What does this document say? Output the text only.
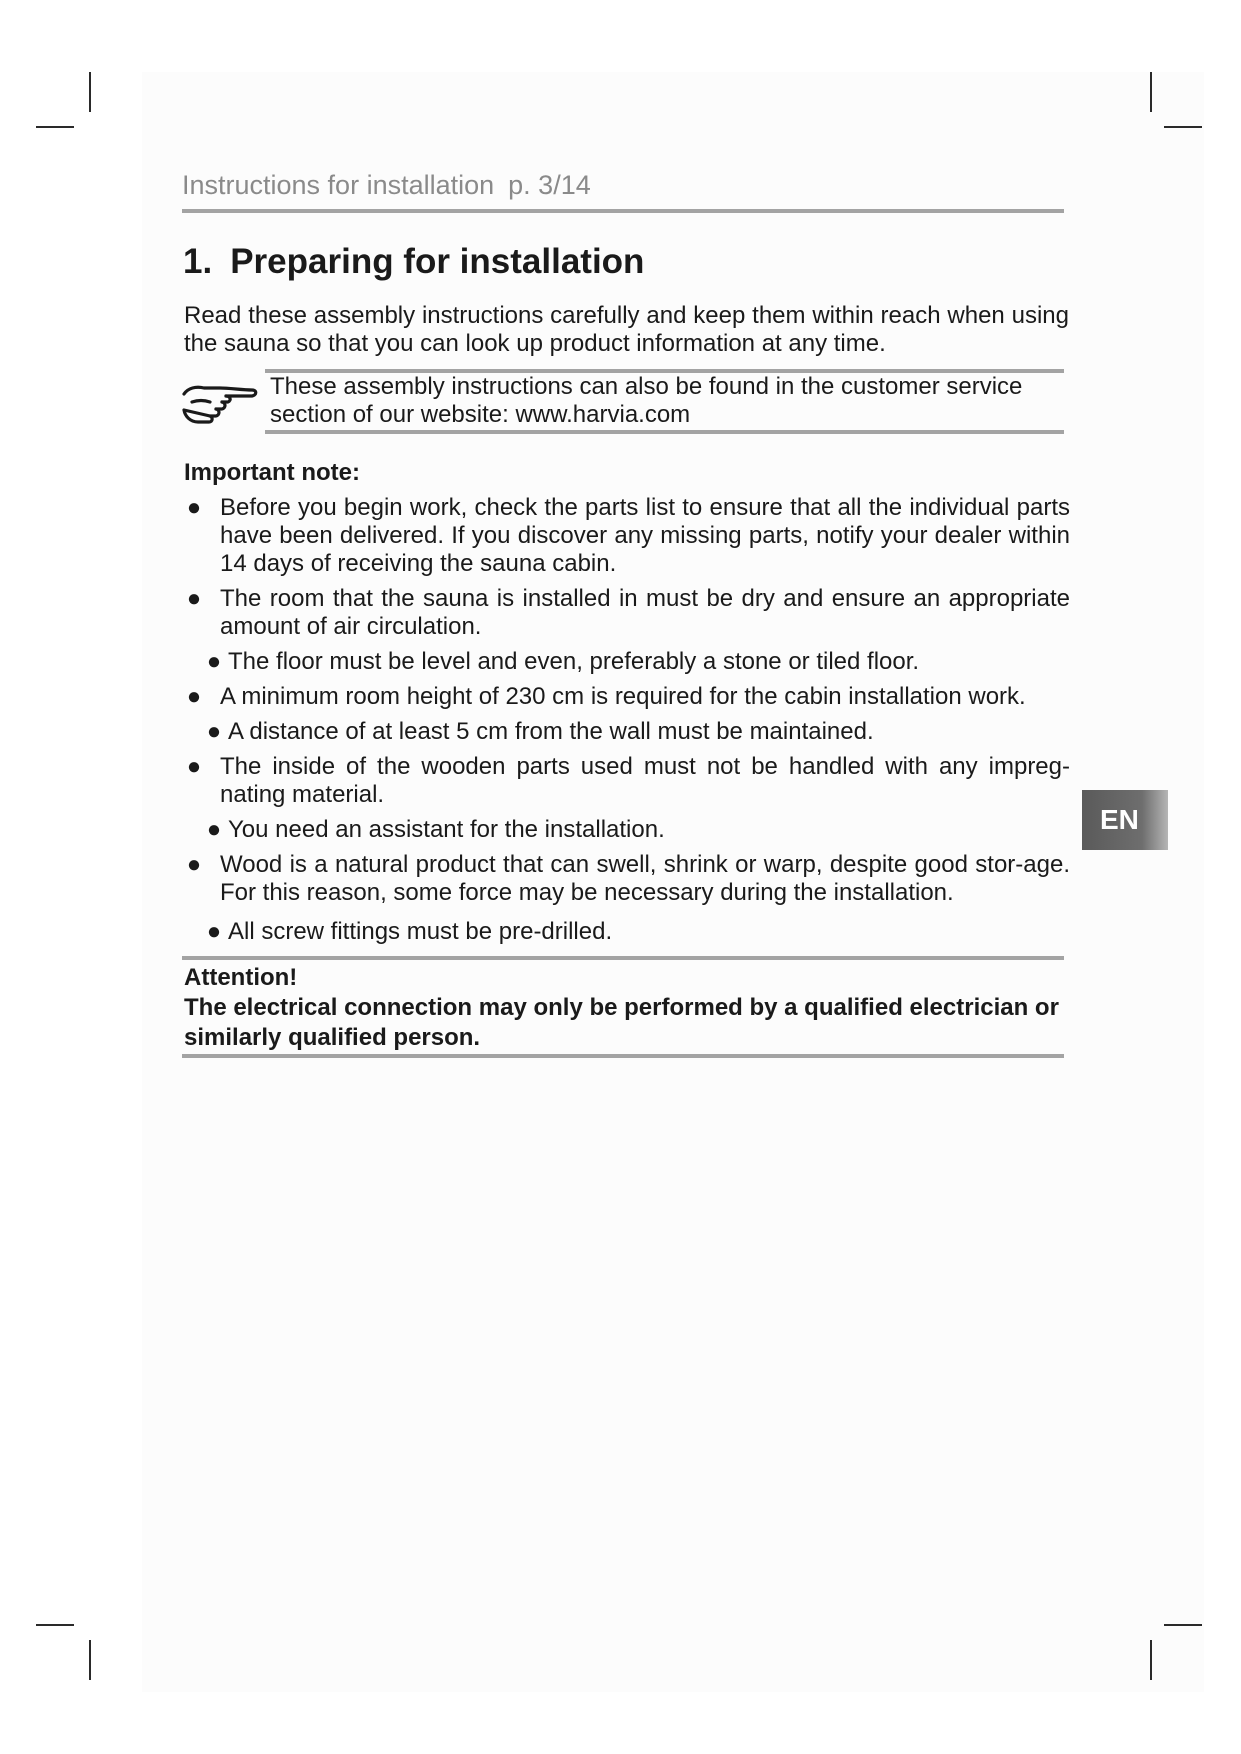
Instructions for installation p. 3/14
1. Preparing for installation

Read these assembly instructions carefully and keep them within reach when using the sauna so that you can look up product information at any time.

These assembly instructions can also be found in the customer service section of our website: www.harvia.com

Important note:

● Before you begin work, check the parts list to ensure that all the individual parts have been delivered. If you discover any missing parts, notify your dealer within 14 days of receiving the sauna cabin.
● The room that the sauna is installed in must be dry and ensure an appropriate amount of air circulation.
● The floor must be level and even, preferably a stone or tiled floor.
● A minimum room height of 230 cm is required for the cabin installation work.
● A distance of at least 5 cm from the wall must be maintained.
● The inside of the wooden parts used must not be handled with any impreg-nating material.
● You need an assistant for the installation.
● Wood is a natural product that can swell, shrink or warp, despite good stor-age. For this reason, some force may be necessary during the installation.
● All screw fittings must be pre-drilled.
Attention!
The electrical connection may only be performed by a qualified electrician or similarly qualified person.
EN
